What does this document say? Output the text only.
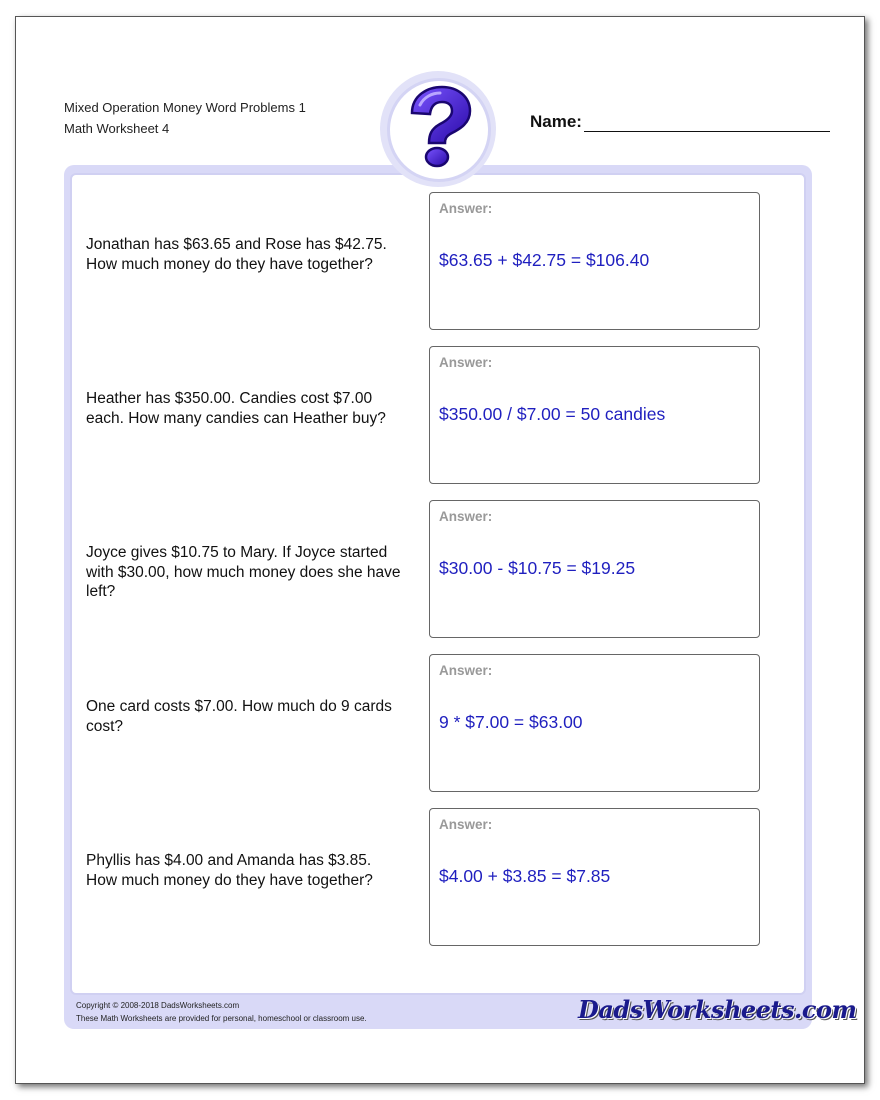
Mixed Operation Money Word Problems 1
Math Worksheet 4	Name:
Jonathan has $63.65 and Rose has $42.75. How much money do they have together?
Answer:
$63.65 + $42.75 = $106.40
Heather has $350.00. Candies cost $7.00 each. How many candies can Heather buy?
Answer:
$350.00 / $7.00 = 50 candies
Joyce gives $10.75 to Mary. If Joyce started with $30.00, how much money does she have left?
Answer:
$30.00 - $10.75 = $19.25
One card costs $7.00. How much do 9 cards cost?
Answer:
9 * $7.00 = $63.00
Phyllis has $4.00 and Amanda has $3.85. How much money do they have together?
Answer:
$4.00 + $3.85 = $7.85
Copyright © 2008-2018 DadsWorksheets.com
These Math Worksheets are provided for personal, homeschool or classroom use.	DadsWorksheets.com
